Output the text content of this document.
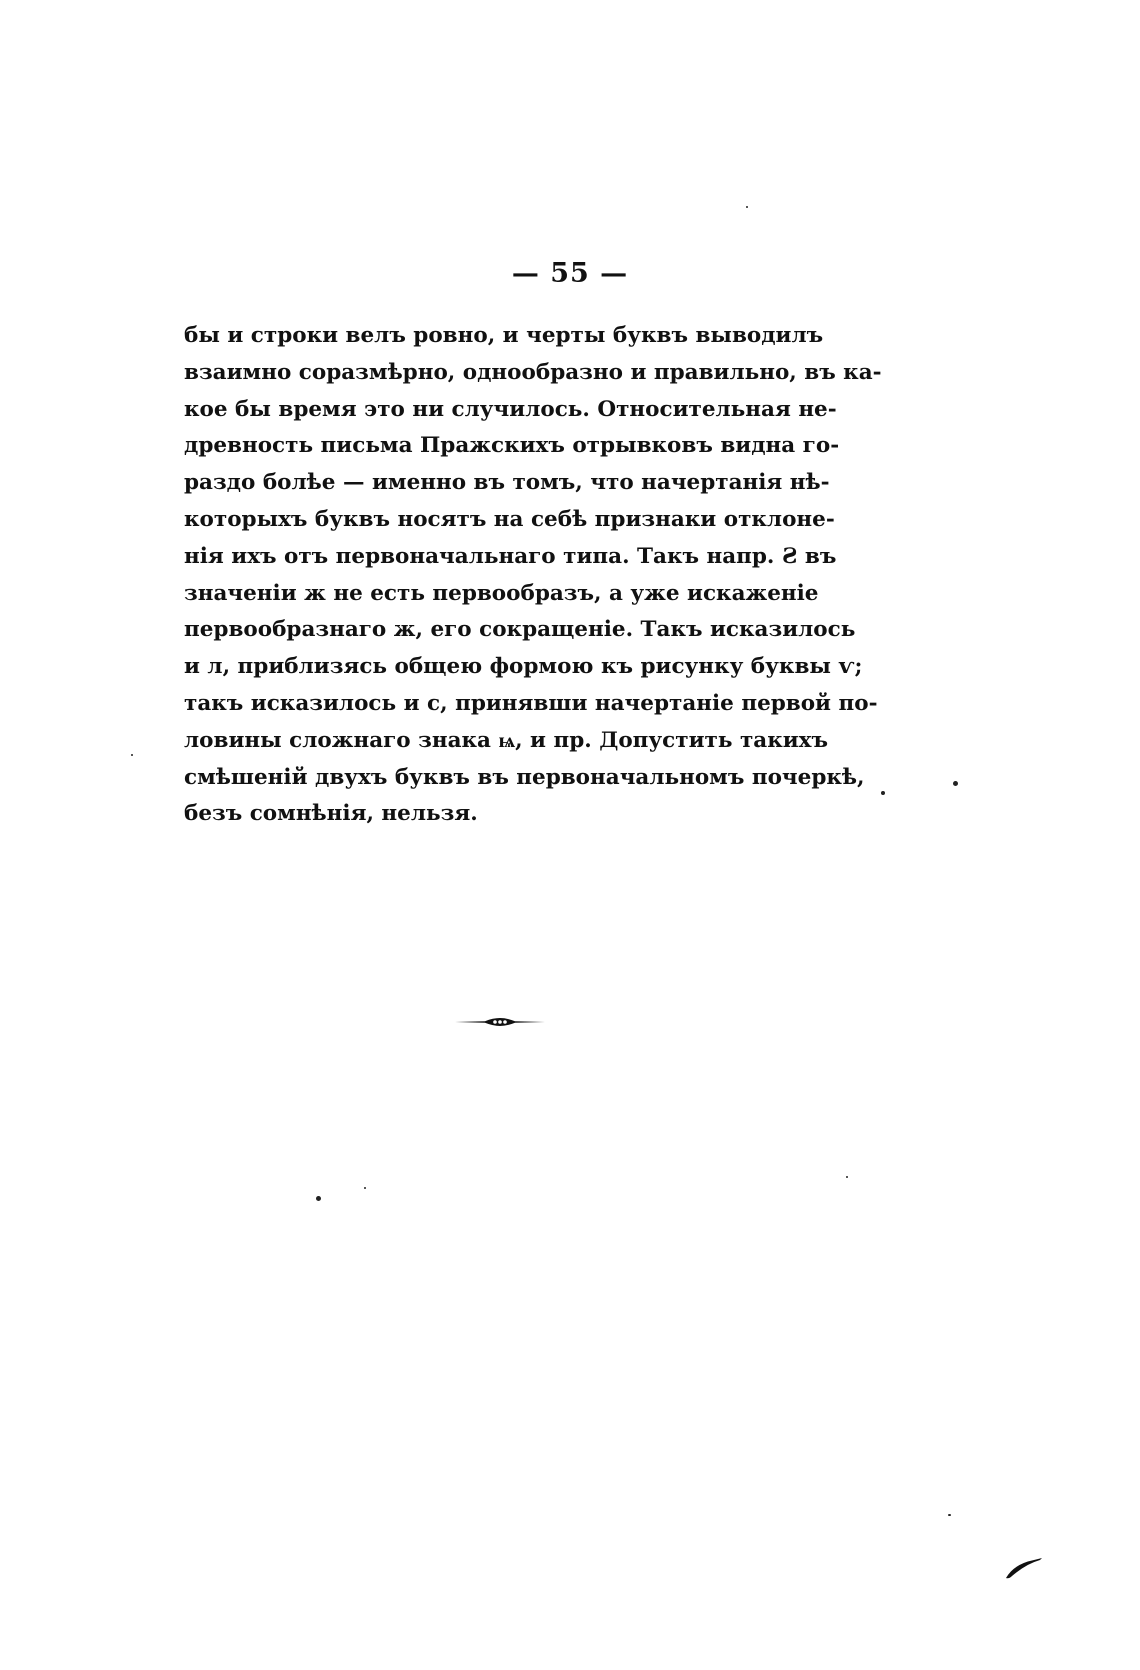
— 55 —
бы и строки велъ ровно, и черты буквъ выводилъ
взаимно соразмѣрно, однообразно и правильно, въ ка-
кое бы время это ни случилось. Относительная не-
древность письма Пражскихъ отрывковъ видна го-
раздо болѣе — именно въ томъ, что начертанія нѣ-
которыхъ буквъ носятъ на себѣ признаки отклоне-
нія ихъ отъ первоначальнаго типа. Такъ напр. Ꙅ въ
значеніи ж не есть первообразъ, а уже искаженіе
первообразнаго ж, его сокращеніе. Такъ исказилось
и л, приблизясь общею формою къ рисунку буквы ѵ;
такъ исказилось и с, принявши начертаніе первой по-
ловины сложнаго знака ѩ, и пр. Допустить такихъ
смѣшеній двухъ буквъ въ первоначальномъ почеркѣ,
безъ сомнѣнія, нельзя.
